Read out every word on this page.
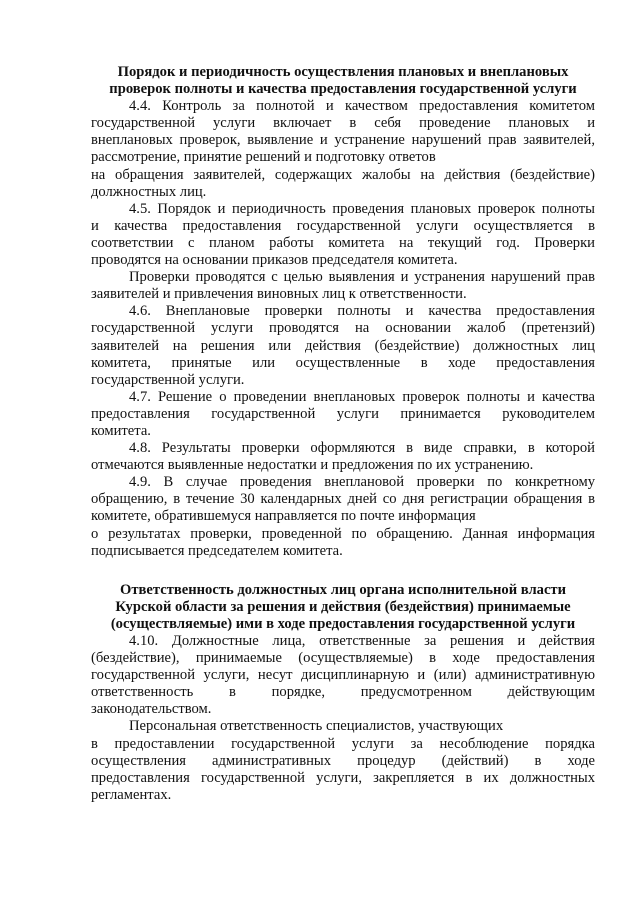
Порядок и периодичность осуществления плановых и внеплановых

проверок полноты и качества предоставления государственной услуги

4.4. Контроль за полнотой и качеством предоставления комитетом

государственной услуги включает в себя проведение плановых и

внеплановых проверок, выявление и устранение нарушений прав заявителей,

рассмотрение, принятие решений и подготовку ответов

на обращения заявителей, содержащих жалобы на действия (бездействие)

должностных лиц.

4.5. Порядок и периодичность проведения плановых проверок полноты

и качества предоставления государственной услуги осуществляется в

соответствии с планом работы комитета на текущий год. Проверки

проводятся на основании приказов председателя комитета.

Проверки проводятся с целью выявления и устранения нарушений прав

заявителей и привлечения виновных лиц к ответственности.

4.6. Внеплановые проверки полноты и качества предоставления

государственной услуги проводятся на основании жалоб (претензий)

заявителей на решения или действия (бездействие) должностных лиц

комитета, принятые или осуществленные в ходе предоставления

государственной услуги.

4.7. Решение о проведении внеплановых проверок полноты и качества

предоставления государственной услуги принимается руководителем

комитета.

4.8. Результаты проверки оформляются в виде справки, в которой

отмечаются выявленные недостатки и предложения по их устранению.

4.9. В случае проведения внеплановой проверки по конкретному

обращению, в течение 30 календарных дней со дня регистрации обращения в

комитете, обратившемуся направляется по почте информация

о результатах проверки, проведенной по обращению. Данная информация

подписывается председателем комитета.

Ответственность должностных лиц органа исполнительной власти

Курской области за решения и действия (бездействия) принимаемые

(осуществляемые) ими в ходе предоставления государственной услуги

4.10. Должностные лица, ответственные за решения и действия

(бездействие), принимаемые (осуществляемые) в ходе предоставления

государственной услуги, несут дисциплинарную и (или) административную

ответственность в порядке, предусмотренном действующим

законодательством.

Персональная ответственность специалистов, участвующих

в предоставлении государственной услуги за несоблюдение порядка

осуществления административных процедур (действий) в ходе

предоставления государственной услуги, закрепляется в их должностных

регламентах.
